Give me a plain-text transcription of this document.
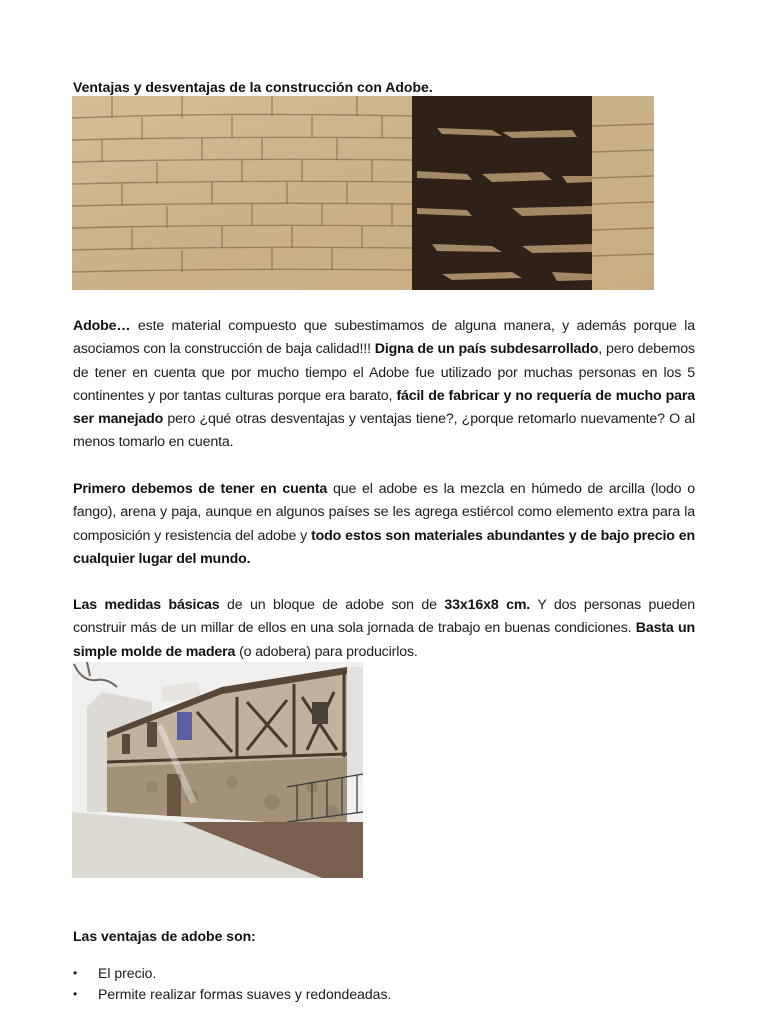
Ventajas y desventajas de la construcción con Adobe.
Adobe… este material compuesto que subestimamos de alguna manera, y además porque la asociamos con la construcción de baja calidad!!! Digna de un país subdesarrollado, pero debemos de tener en cuenta que por mucho tiempo el Adobe fue utilizado por muchas personas en los 5 continentes y por tantas culturas porque era barato, fácil de fabricar y no requería de mucho para ser manejado pero ¿qué otras desventajas y ventajas tiene?, ¿porque retomarlo nuevamente? O al menos tomarlo en cuenta.
Primero debemos de tener en cuenta que el adobe es la mezcla en húmedo de arcilla (lodo o fango), arena y paja, aunque en algunos países se les agrega estiércol como elemento extra para la composición y resistencia del adobe y todo estos son materiales abundantes y de bajo precio en cualquier lugar del mundo.
Las medidas básicas de un bloque de adobe son de 33x16x8 cm. Y dos personas pueden construir más de un millar de ellos en una sola jornada de trabajo en buenas condiciones. Basta un simple molde de madera (o adobera) para producirlos.
Las ventajas de adobe son:
• El precio.
• Permite realizar formas suaves y redondeadas.
